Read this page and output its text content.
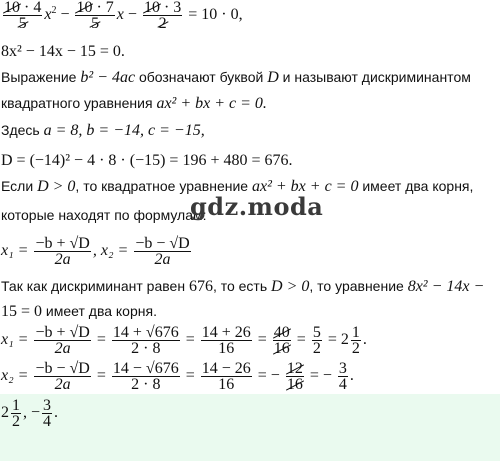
$\frac{10 \cdot 4}{5} x^2 - \frac{10 \cdot 7}{5}$ $x - \frac{10 \cdot 3}{2} = 10 \cdot 0$,
8x² − 14x − 15 = 0.
Выражение b² − 4ac обозначают буквой D и называют дискриминантом
квадратного уравнения ax² + bx + c = 0.
Здесь a = 8, b = −14, c = −15,
D = (−14)² − 4 · 8 · (−15) = 196 + 480 = 676.
Если D > 0, то квадратное уравнение ax² + bx + c = 0 имеет два корня,
которые находят по формулам:
gdz.moda
$x_1 = \frac{-b + √D}{2a}$ , $x_2 = \frac{-b - √D}{2a}$
Так как дискриминант равен 676, то есть D > 0, то уравнение 8x² − 14x −
15 = 0 имеет два корня.
$x_1 = \frac{-b + √D}{2a} = \frac{14 + √676}{2 \cdot 8} = \frac{14 + 26}{16} = \frac{40}{16} = \frac{5}{2} = 2 \frac{1}{2}$ .
$x_2 = \frac{-b - √D}{2a} = \frac{14 - √676}{2 \cdot 8} = \frac{14 - 26}{16}$ = − $\frac{12}{16}$ = − $\frac{3}{4}$ .
$2 \frac{1}{2}$ , − $\frac{3}{4}$ .
